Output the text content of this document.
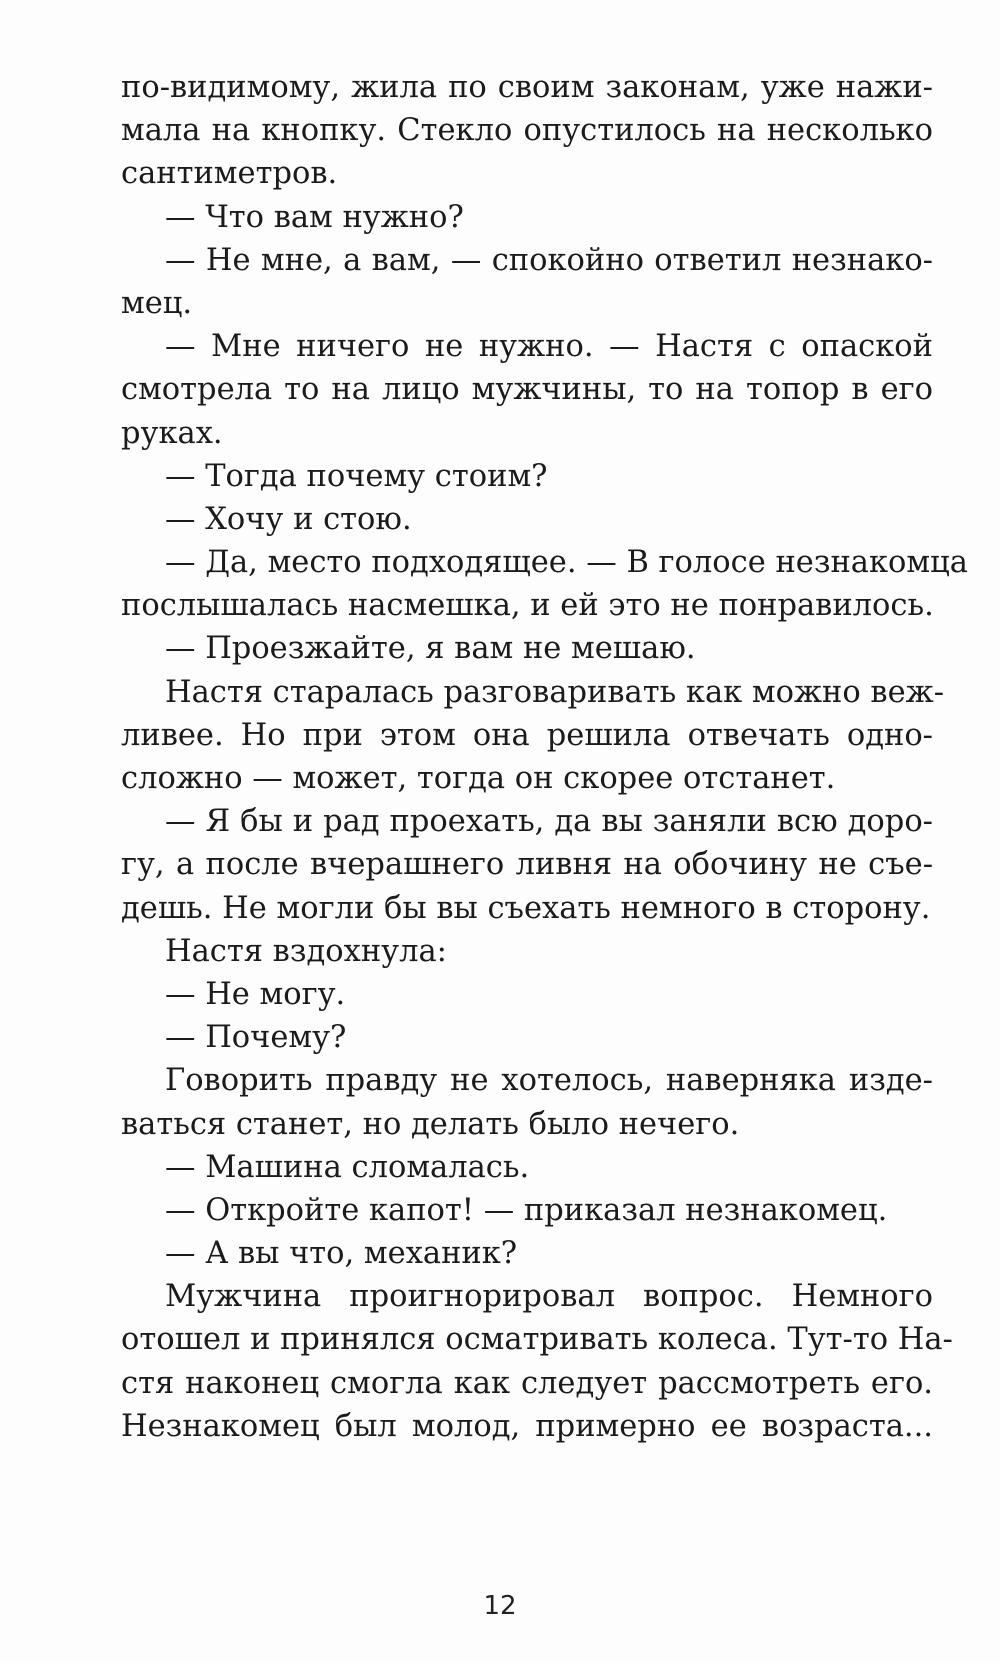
по-видимому, жила по своим законам, уже нажи-
мала на кнопку. Стекло опустилось на несколько
сантиметров.
— Что вам нужно?
— Не мне, а вам, — спокойно ответил незнако-
мец.
— Мне ничего не нужно. — Настя с опаской
смотрела то на лицо мужчины, то на топор в его
руках.
— Тогда почему стоим?
— Хочу и стою.
— Да, место подходящее. — В голосе незнакомца
послышалась насмешка, и ей это не понравилось.
— Проезжайте, я вам не мешаю.
Настя старалась разговаривать как можно веж-
ливее. Но при этом она решила отвечать одно-
сложно — может, тогда он скорее отстанет.
— Я бы и рад проехать, да вы заняли всю доро-
гу, а после вчерашнего ливня на обочину не съе-
дешь. Не могли бы вы съехать немного в сторону.
Настя вздохнула:
— Не могу.
— Почему?
Говорить правду не хотелось, наверняка изде-
ваться станет, но делать было нечего.
— Машина сломалась.
— Откройте капот! — приказал незнакомец.
— А вы что, механик?
Мужчина проигнорировал вопрос. Немного
отошел и принялся осматривать колеса. Тут-то На-
стя наконец смогла как следует рассмотреть его.
Незнакомец был молод, примерно ее возраста...
12
